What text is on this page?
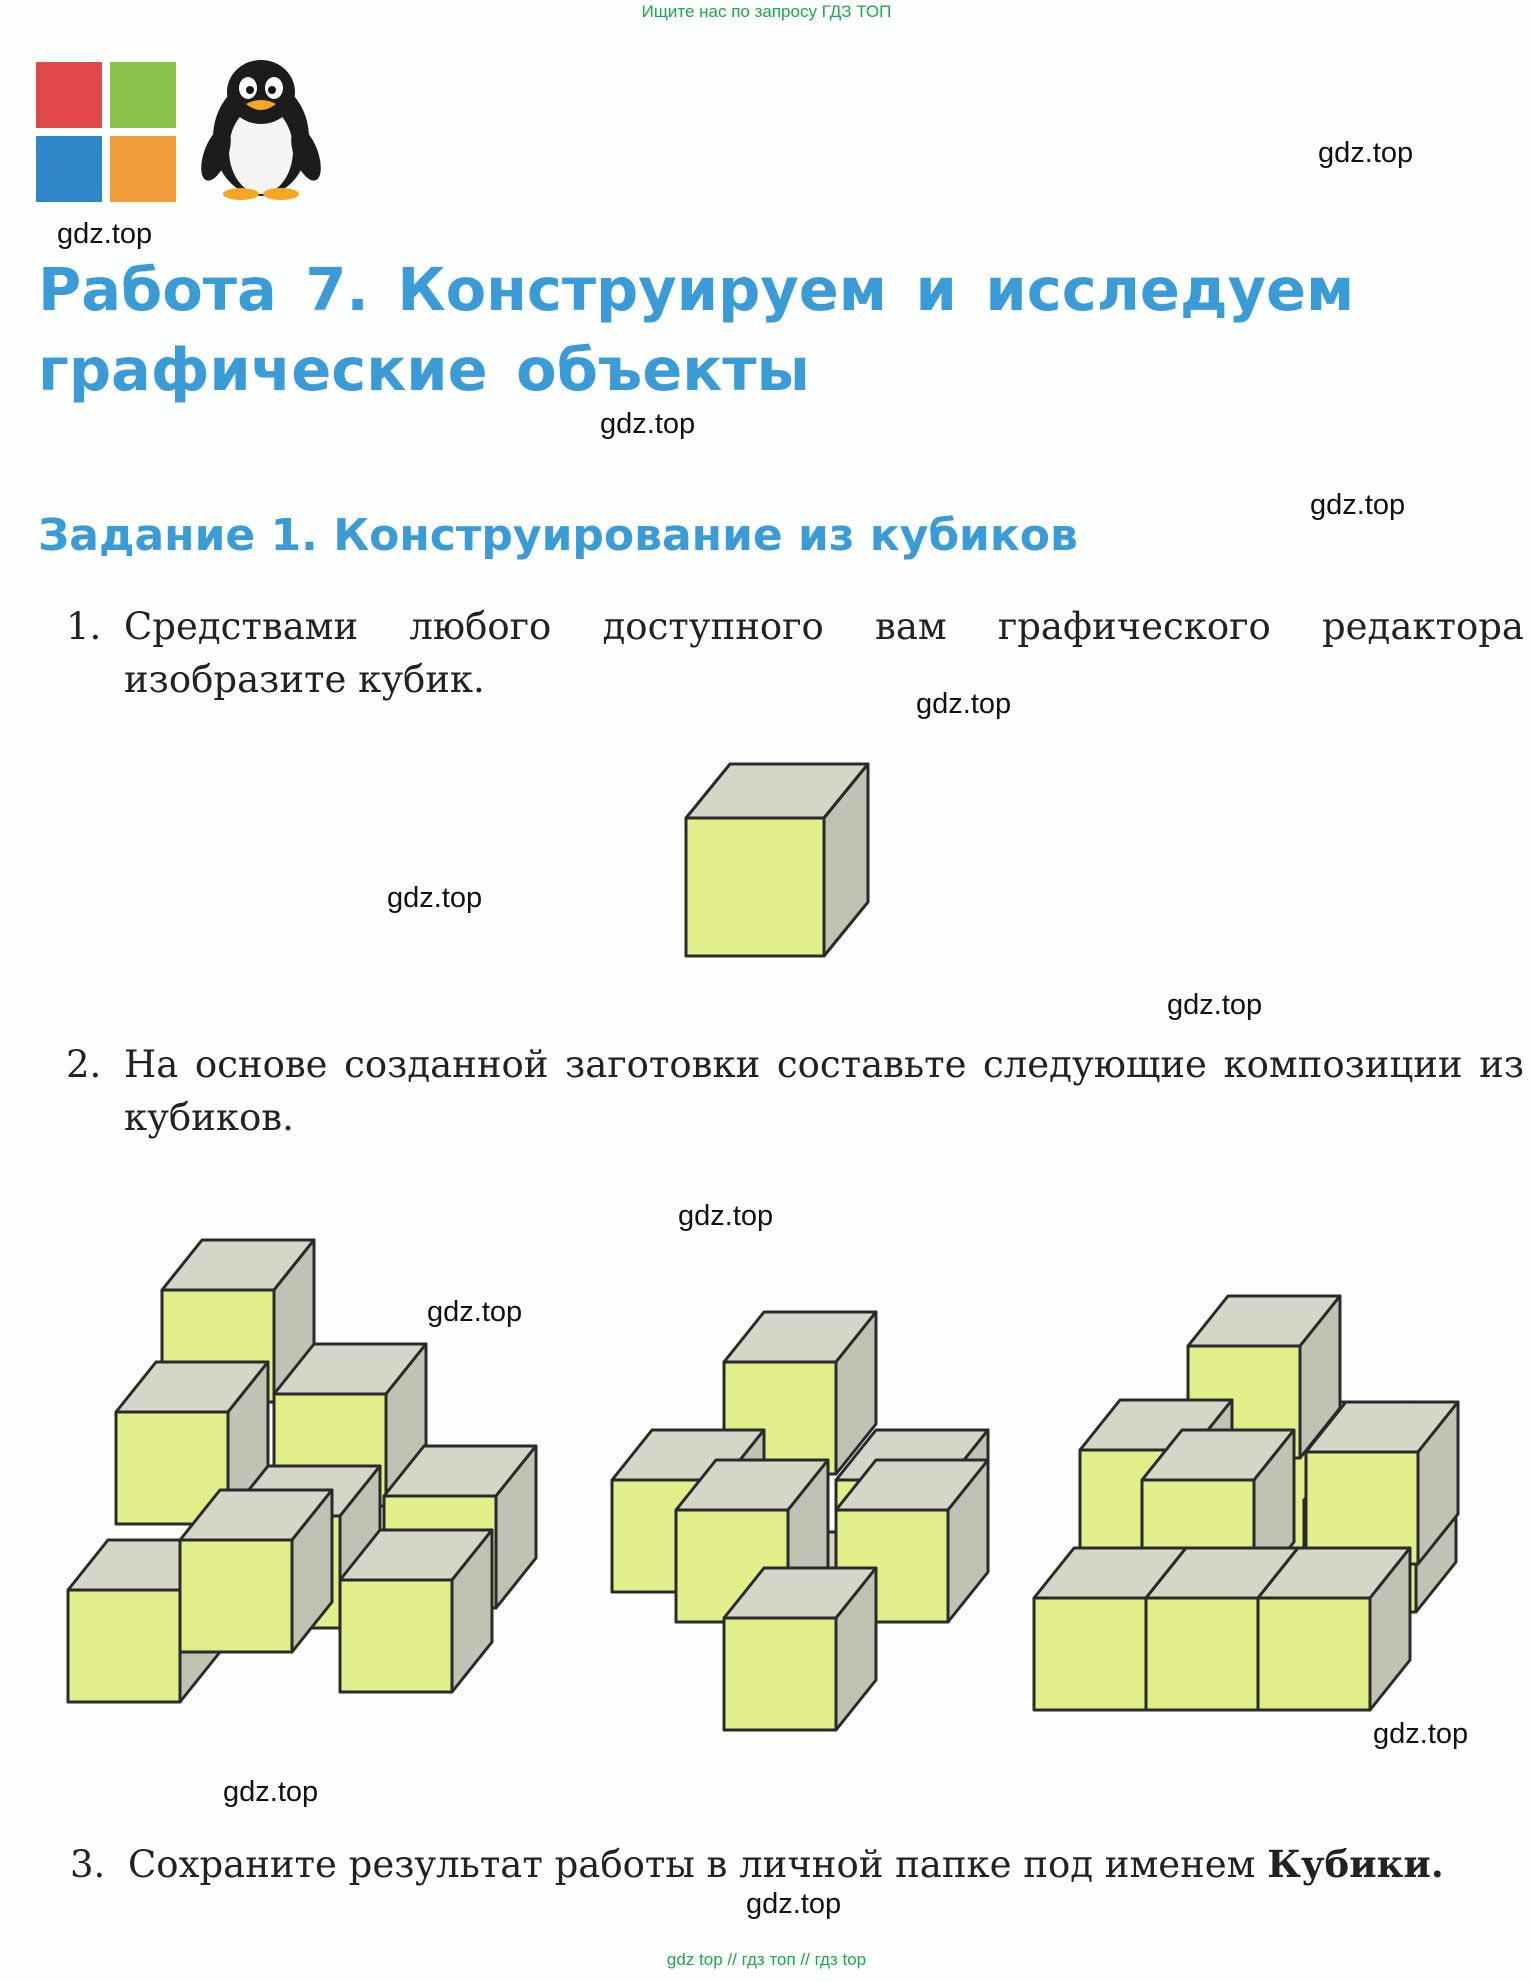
Ищите нас по запросу ГДЗ ТОП
gdz.top
gdz.top
gdz.top
gdz.top
gdz.top
gdz.top
gdz.top
gdz.top
gdz.top
gdz.top
gdz.top
gdz.top
Работа 7. Конструируем и исследуем графические объекты
Задание 1. Конструирование из кубиков
1. Средствами любого доступного вам графического редактора изобразите кубик.
2. На основе созданной заготовки составьте следующие композиции из кубиков.
3. Сохраните результат работы в личной папке под именем Кубики.
gdz top // гдз топ // гдз top
